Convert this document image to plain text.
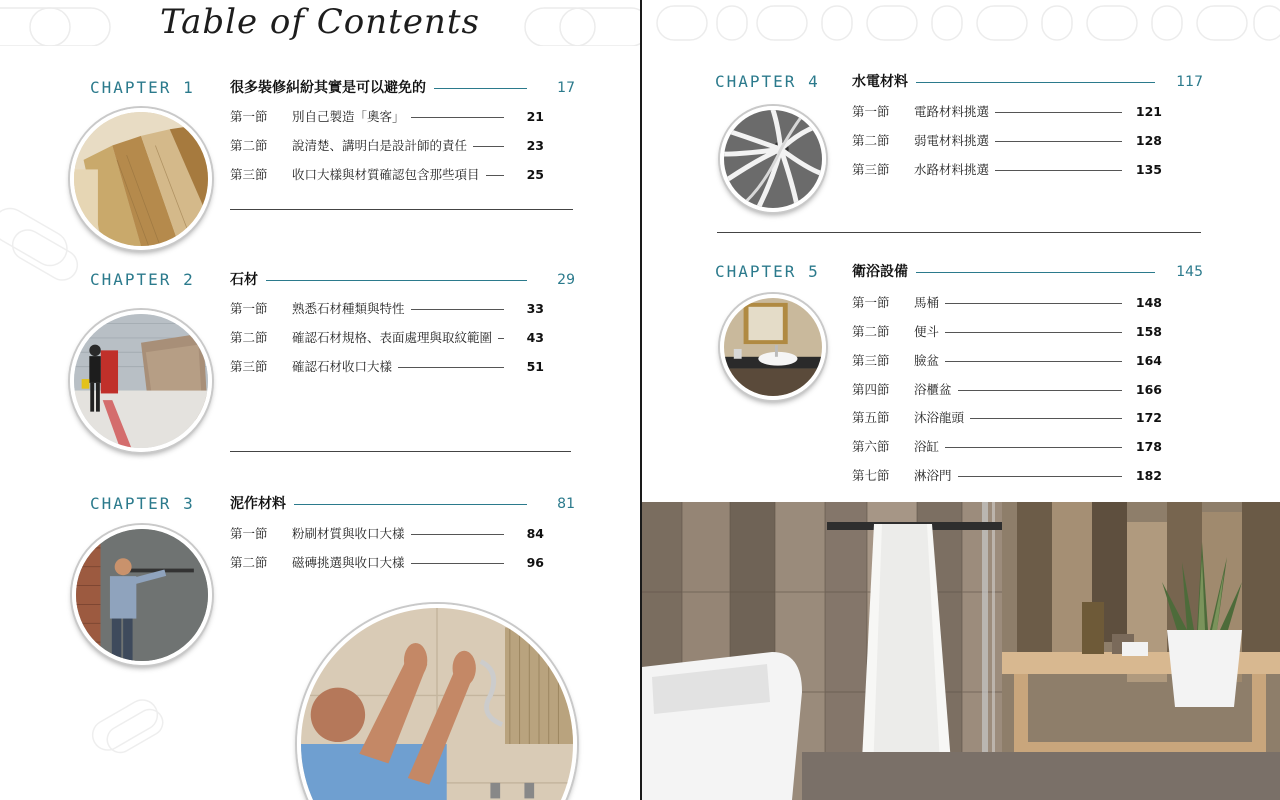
Table of Contents
CHAPTER 1	很多裝修糾紛其實是可以避免的	17
第一節 別自己製造「奧客」	21
第二節 說清楚、講明白是設計師的責任	23
第三節 收口大樣與材質確認包含那些項目	25
CHAPTER 2	石材	29
第一節 熟悉石材種類與特性	33
第二節 確認石材規格、表面處理與取紋範圍	43
第三節 確認石材收口大樣	51
CHAPTER 3	泥作材料	81
第一節 粉刷材質與收口大樣	84
第二節 磁磚挑選與收口大樣	96
CHAPTER 4 水電材料	117
第一節 電路材料挑選	121
第二節 弱電材料挑選	128
第三節 水路材料挑選	135
CHAPTER 5 衛浴設備	145
第一節 馬桶	148
第二節 便斗	158
第三節 臉盆	164
第四節 浴櫃盆	166
第五節 沐浴龍頭	172
第六節 浴缸	178
第七節 淋浴門	182
